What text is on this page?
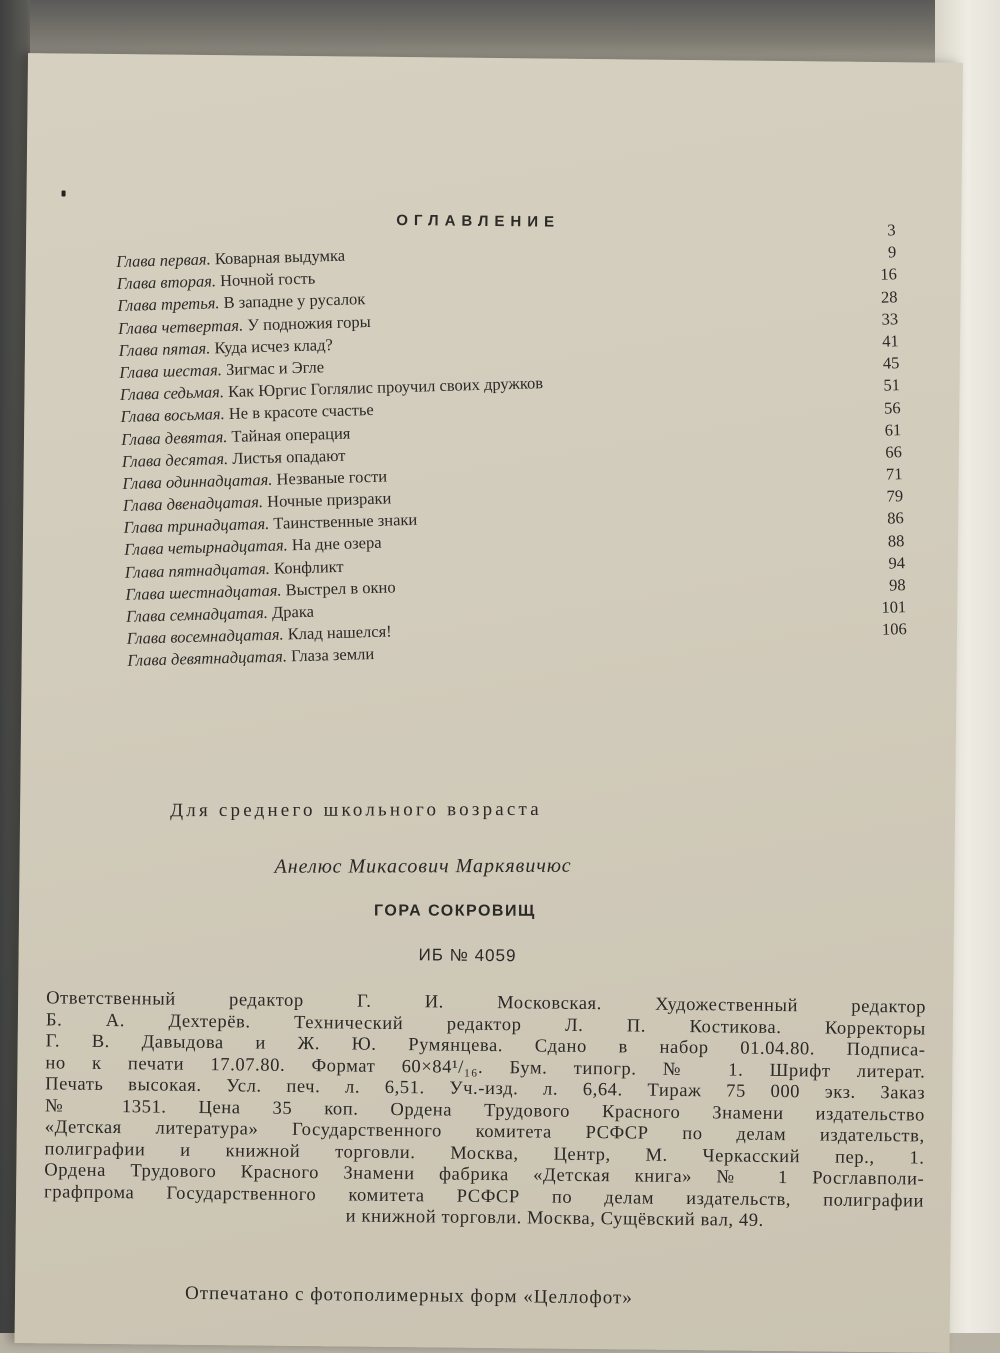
ОГЛАВЛЕНИЕ
Глава первая. Коварная выдумка
3
Глава вторая. Ночной гость
9
Глава третья. В западне у русалок
16
Глава четвертая. У подножия горы
28
Глава пятая. Куда исчез клад?
33
Глава шестая. Зигмас и Эгле
41
Глава седьмая. Как Юргис Гоглялис проучил своих дружков
45
Глава восьмая. Не в красоте счастье
51
Глава девятая. Тайная операция
56
Глава десятая. Листья опадают
61
Глава одиннадцатая. Незваные гости
66
Глава двенадцатая. Ночные призраки
71
Глава тринадцатая. Таинственные знаки
79
Глава четырнадцатая. На дне озера
86
Глава пятнадцатая. Конфликт
88
Глава шестнадцатая. Выстрел в окно
94
Глава семнадцатая. Драка
98
Глава восемнадцатая. Клад нашелся!
101
Глава девятнадцатая. Глаза земли
106
Для среднего школьного возраста
Анелюс Микасович Маркявичюс
ГОРА СОКРОВИЩ
ИБ № 4059
Ответственный редактор Г. И. Московская. Художественный редактор
Б. А. Дехтерёв. Технический редактор Л. П. Костикова. Корректоры
Г. В. Давыдова и Ж. Ю. Румянцева. Сдано в набор 01.04.80. Подписа-
но к печати 17.07.80. Формат 60×84¹/₁₆. Бум. типогр. № 1. Шрифт литерат.
Печать высокая. Усл. печ. л. 6,51. Уч.-изд. л. 6,64. Тираж 75 000 экз. Заказ
№ 1351. Цена 35 коп. Ордена Трудового Красного Знамени издательство
«Детская литература» Государственного комитета РСФСР по делам издательств,
полиграфии и книжной торговли. Москва, Центр, М. Черкасский пер., 1.
Ордена Трудового Красного Знамени фабрика «Детская книга» № 1 Росглавполи-
графпрома Государственного комитета РСФСР по делам издательств, полиграфии
и книжной торговли. Москва, Сущёвский вал, 49.
Отпечатано с фотополимерных форм «Целлофот»
